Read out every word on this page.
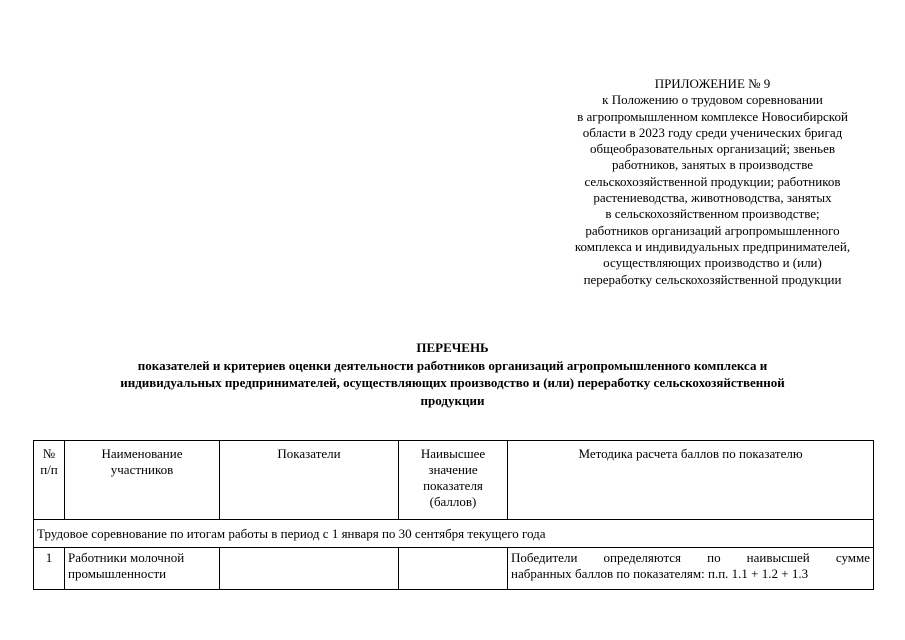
ПРИЛОЖЕНИЕ № 9
к Положению о трудовом соревновании
в агропромышленном комплексе Новосибирской
области в 2023 году среди ученических бригад
общеобразовательных организаций; звеньев
работников, занятых в производстве
сельскохозяйственной продукции; работников
растениеводства, животноводства, занятых
в сельскохозяйственном производстве;
работников организаций агропромышленного
комплекса и индивидуальных предпринимателей,
осуществляющих производство и (или)
переработку сельскохозяйственной продукции
ПЕРЕЧЕНЬ
показателей и критериев оценки деятельности работников организаций агропромышленного комплекса и
индивидуальных предпринимателей, осуществляющих производство и (или) переработку сельскохозяйственной
продукции
№ п/п	Наименование участников	Показатели	Наивысшее значение показателя (баллов)	Методика расчета баллов по показателю
Трудовое соревнование по итогам работы в период с 1 января по 30 сентября текущего года				
1	Работники молочной промышленности			Победители определяются по наивысшей сумме
набранных баллов по показателям: п.п. 1.1 + 1.2 + 1.3
